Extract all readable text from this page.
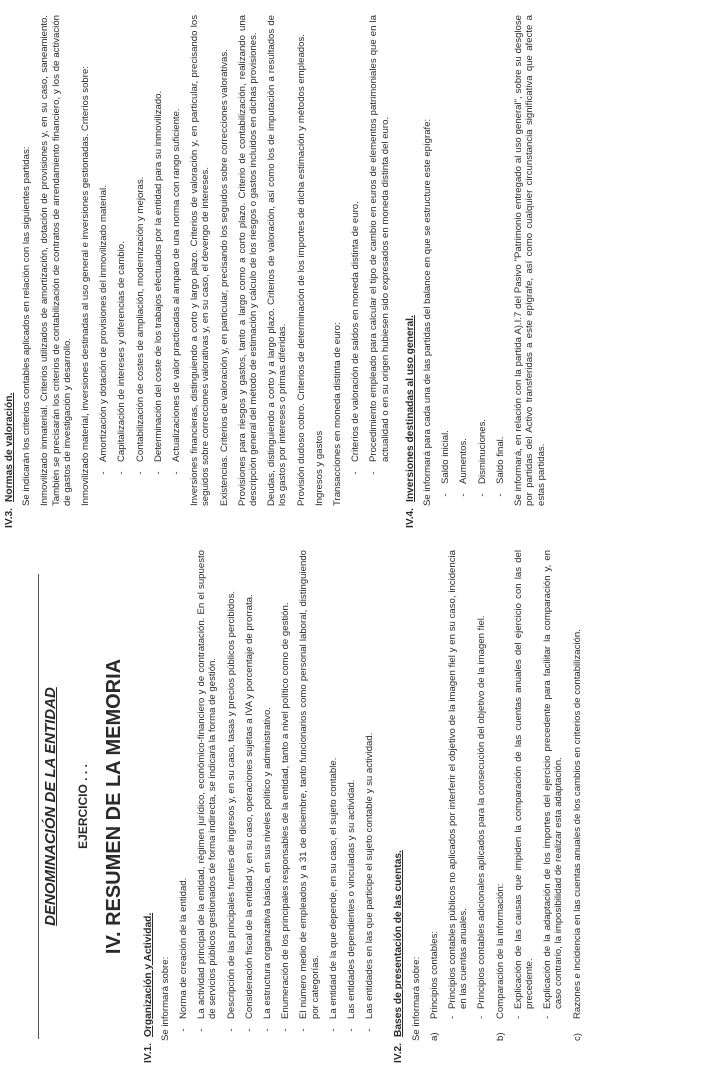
DENOMINACIÓN DE LA ENTIDAD EJERCICIO . . . IV. RESUMEN DE LA MEMORIA
IV.1.
Organización y Actividad. Se informará sobre: -
Norma de creación de la entidad.
-
La actividad principal de la entidad, régimen jurídico, económico-financiero y de contratación. En el supuesto de servicios públicos gestionados de forma indirecta, se indicará la forma de gestión.
-
Descripción de las principales fuentes de ingresos y, en su caso, tasas y precios públicos percibidos.
-
Consideración fiscal de la entidad y, en su caso, operaciones sujetas a IVA y porcentaje de prorrata.
-
La estructura organizativa básica, en sus niveles político y administrativo.
-
Enumeración de los principales responsables de la entidad, tanto a nivel político como de gestión.
-
El número medio de empleados y a 31 de diciembre, tanto funcionarios como personal laboral, distinguiendo por categorías.
-
La entidad de la que depende, en su caso, el sujeto contable.
-
Las entidades dependientes o vinculadas y su actividad.
-
Las entidades en las que participe el sujeto contable y su actividad.
IV.2.
Bases de presentación de las cuentas. Se informará sobre: a)
Principios contables: -
Principios contables públicos no aplicados por interferir el objetivo de la imagen fiel y en su caso, incidencia en las cuentas anuales.
-
Principios contables adicionales aplicados para la consecución del objetivo de la imagen fiel.
b)
Comparación de la información: -
Explicación de las causas que impiden la comparación de las cuentas anuales del ejercicio con las del precedente.
-
Explicación de la adaptación de los importes del ejercicio precedente para facilitar la comparación y, en caso contrario, la imposibilidad de realizar esta adaptación.
c)
Razones e incidencia en las cuentas anuales de los cambios en criterios de contabilización.
IV.3.
Normas de valoración. Se indicarán los criterios contables aplicados en relación con las siguientes partidas: Inmovilizado inmaterial. Criterios utilizados de amortización, dotación de provisiones y, en su caso, saneamiento. También se precisarán los criterios de contabilización de contratos de arrendamiento financiero, y los de activación de gastos de investigación y desarrollo. Inmovilizado material, inversiones destinadas al uso general e inversiones gestionadas. Criterios sobre: -
Amortización y dotación de provisiones del inmovilizado material.
-
Capitalización de intereses y diferencias de cambio.
-
Contabilización de costes de ampliación, modernización y mejoras.
-
Determinación del coste de los trabajos efectuados por la entidad para su inmovilizado.
-
Actualizaciones de valor practicadas al amparo de una norma con rango suficiente. Inversiones financieras, distinguiendo a corto y largo plazo. Criterios de valoración y, en particular, precisando los seguidos sobre correcciones valorativas y, en su caso, el devengo de intereses. Existencias. Criterios de valoración y, en particular, precisando los seguidos sobre correcciones valorativas. Provisiones para riesgos y gastos, tanto a largo como a corto plazo. Criterio de contabilización, realizando una descripción general del método de estimación y cálculo de los riesgos o gastos incluidos en dichas provisiones. Deudas, distinguiendo a corto y a largo plazo. Criterios de valoración, así como los de imputación a resultados de los gastos por intereses o primas diferidas. Provisión dudoso cobro. Criterios de determinación de los importes de dicha estimación y métodos empleados. Ingresos y gastos Transacciones en moneda distinta de euro: -
Criterios de valoración de saldos en moneda distinta de euro.
-
Procedimiento empleado para calcular el tipo de cambio en euros de elementos patrimoniales que en la actualidad o en su origen hubiesen sido expresados en moneda distinta del euro.
IV.4.
Inversiones destinadas al uso general. Se informará para cada una de las partidas del balance en que se estructure este epígrafe: -
Saldo inicial.
-
Aumentos.
-
Disminuciones.
-
Saldo final. Se informará, en relación con la partida A).I.7 del Pasivo "Patrimonio entregado al uso general", sobre su desglose por partidas del Activo transferidas a este epígrafe, así como cualquier circunstancia significativa que afecte a estas partidas.
